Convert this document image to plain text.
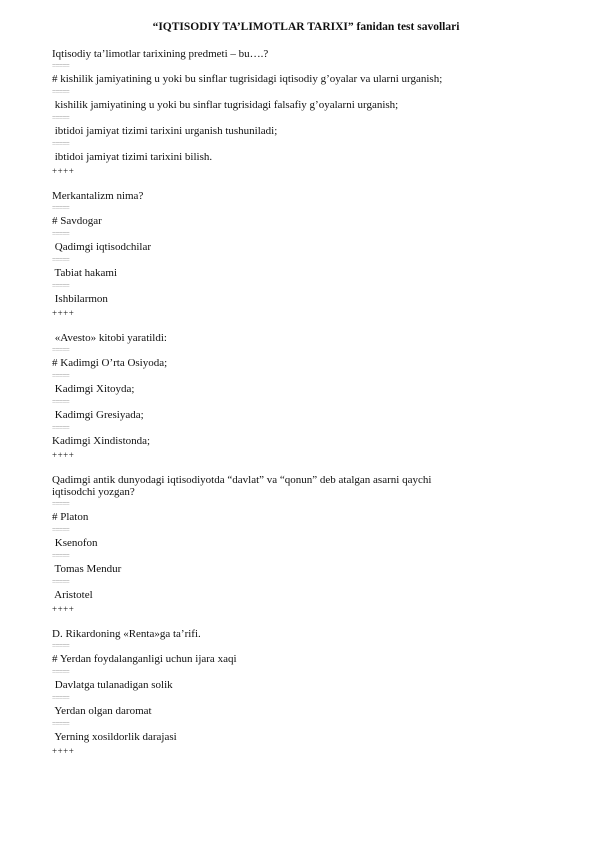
“IQTISODIY TA’LIMOTLAR TARIXI” fanidan test savollari
Iqtisodiy ta’limotlar tarixining predmeti – bu….?
=====
# kishilik jamiyatining u yoki bu sinflar tugrisidagi iqtisodiy g’oyalar va ularni urganish;
=====
kishilik jamiyatining u yoki bu sinflar tugrisidagi falsafiy g’oyalarni urganish;
=====
ibtidoi jamiyat tizimi tarixini urganish tushuniladi;
=====
ibtidoi jamiyat tizimi tarixini bilish.
++++
Merkantalizm nima?
=====
# Savdogar
=====
Qadimgi iqtisodchilar
=====
Tabiat hakami
=====
Ishbilarmon
++++
«Avesto» kitobi yaratildi:
=====
# Kadimgi O’rta Osiyoda;
=====
Kadimgi Xitoyda;
=====
Kadimgi Gresiyada;
=====
Kadimgi Xindistonda;
++++
Qadimgi antik dunyodagi iqtisodiyotda “davlat” va “qonun” deb atalgan asarni qaychi iqtisodchi yozgan?
=====
# Platon
=====
Ksenofon
=====
Tomas Mendur
=====
Aristotel
++++
D. Rikardoning «Renta»ga ta’rifi.
=====
# Yerdan foydalanganligi uchun ijara xaqi
=====
Davlatga tulanadigan solik
=====
Yerdan olgan daromat
=====
Yerning xosildorlik darajasi
++++
